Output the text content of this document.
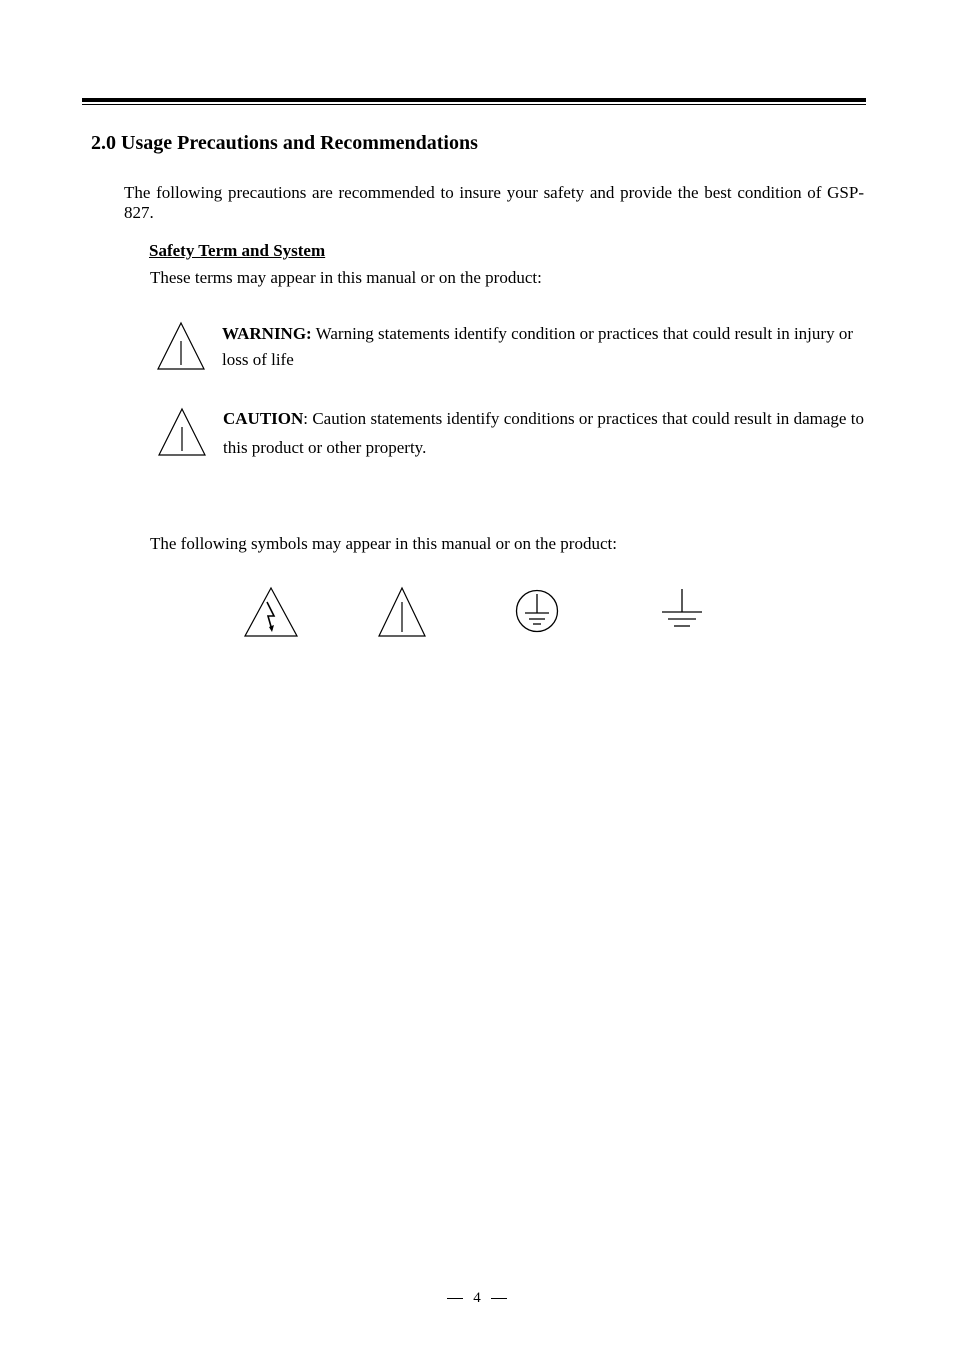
2.0 Usage Precautions and Recommendations

The following precautions are recommended to insure your safety and provide the best condition of GSP-827.

Safety Term and System

These terms may appear in this manual or on the product:

WARNING: Warning statements identify condition or practices that could result in injury or loss of life

CAUTION: Caution statements identify conditions or practices that could result in damage to this product or other property.

The following symbols may appear in this manual or on the product:

4
